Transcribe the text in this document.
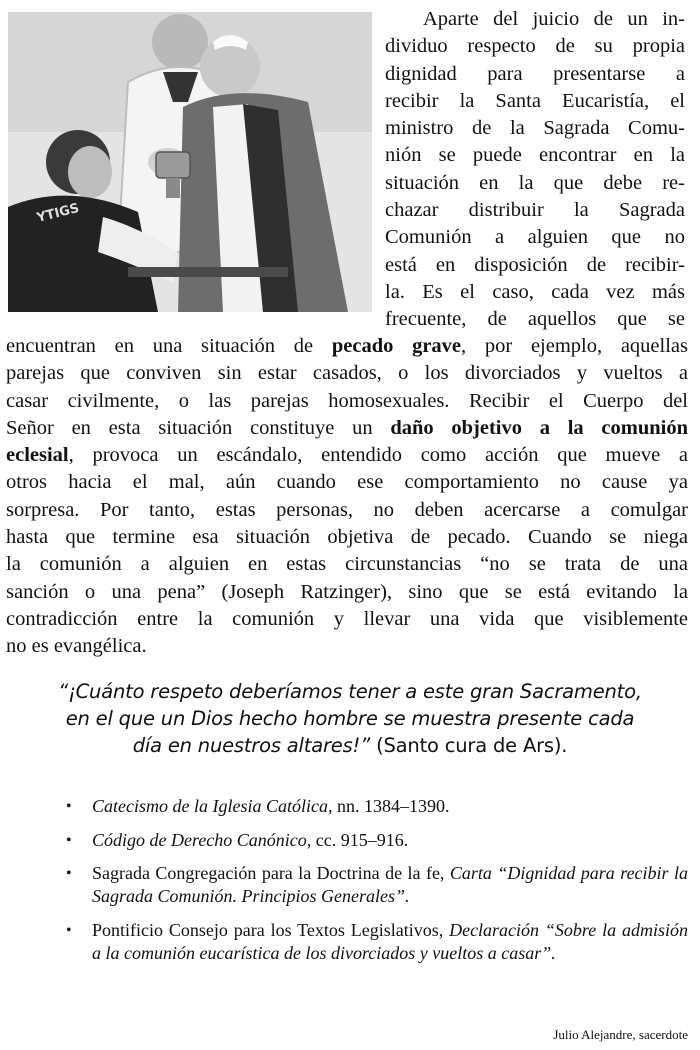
YTIGS
Aparte del juicio de un in-
dividuo respecto de su propia
dignidad para presentarse a
recibir la Santa Eucaristía, el
ministro de la Sagrada Comu-
nión se puede encontrar en la
situación en la que debe re-
chazar distribuir la Sagrada
Comunión a alguien que no
está en disposición de recibir-
la. Es el caso, cada vez más
frecuente, de aquellos que se
encuentran en una situación de pecado grave, por ejemplo, aquellas
parejas que conviven sin estar casados, o los divorciados y vueltos a
casar civilmente, o las parejas homosexuales. Recibir el Cuerpo del
Señor en esta situación constituye un daño objetivo a la comunión
eclesial, provoca un escándalo, entendido como acción que mueve a
otros hacia el mal, aún cuando ese comportamiento no cause ya
sorpresa. Por tanto, estas personas, no deben acercarse a comulgar
hasta que termine esa situación objetiva de pecado. Cuando se niega
la comunión a alguien en estas circunstancias “no se trata de una
sanción o una pena” (Joseph Ratzinger), sino que se está evitando la
contradicción entre la comunión y llevar una vida que visiblemente
no es evangélica.
“¡Cuánto respeto deberíamos tener a este gran Sacramento,
en el que un Dios hecho hombre se muestra presente cada
día en nuestros altares!” (Santo cura de Ars).
• Catecismo de la Iglesia Católica, nn. 1384–1390.
• Código de Derecho Canónico, cc. 915–916.
• Sagrada Congregación para la Doctrina de la fe, Carta “Dignidad para recibir la Sagrada Comunión. Principios Generales”.
• Pontificio Consejo para los Textos Legislativos, Declaración “Sobre la admisión a la comunión eucarística de los divorciados y vueltos a casar”.
Julio Alejandre, sacerdote
